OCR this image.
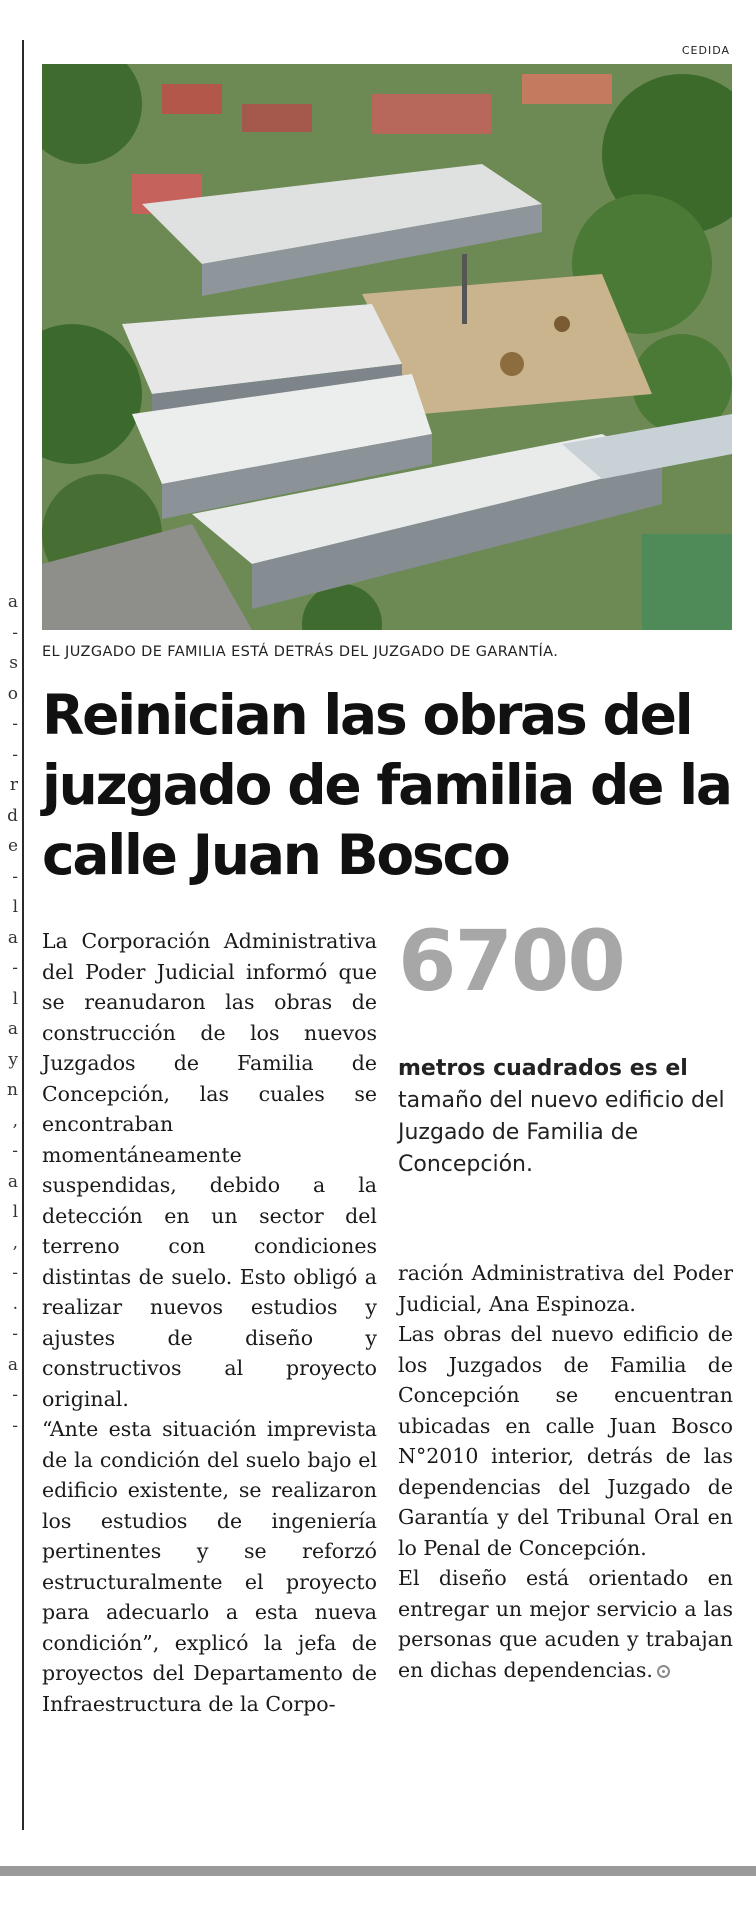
a
-
s
o
-
-
r
d
e
-
l
a
-
l
a
y
n
,
-
a
l
,
-
.
-
a
-
-
CEDIDA
EL JUZGADO DE FAMILIA ESTÁ DETRÁS DEL JUZGADO DE GARANTÍA.
Reinician las obras del juzgado de familia de la calle Juan Bosco

La Corporación Administrativa del Poder Judicial informó que se reanudaron las obras de construcción de los nuevos Juzgados de Familia de Concepción, las cuales se encontraban momentáneamente suspendidas, debido a la detección en un sector del terreno con condiciones distintas de suelo. Esto obligó a realizar nuevos estudios y ajustes de diseño y constructivos al proyecto original.

“Ante esta situación imprevista de la condición del suelo bajo el edificio existente, se realizaron los estudios de ingeniería pertinentes y se reforzó estructuralmente el proyecto para adecuarlo a esta nueva condición”, explicó la jefa de proyectos del Departamento de Infraestructura de la Corpo-

6700
metros cuadrados es el tamaño del nuevo edificio del Juzgado de Familia de Concepción.

ración Administrativa del Poder Judicial, Ana Espinoza.

Las obras del nuevo edificio de los Juzgados de Familia de Concepción se encuentran ubicadas en calle Juan Bosco N°2010 interior, detrás de las dependencias del Juzgado de Garantía y del Tribunal Oral en lo Penal de Concepción.

El diseño está orientado en entregar un mejor servicio a las personas que acuden y trabajan en dichas dependencias.
